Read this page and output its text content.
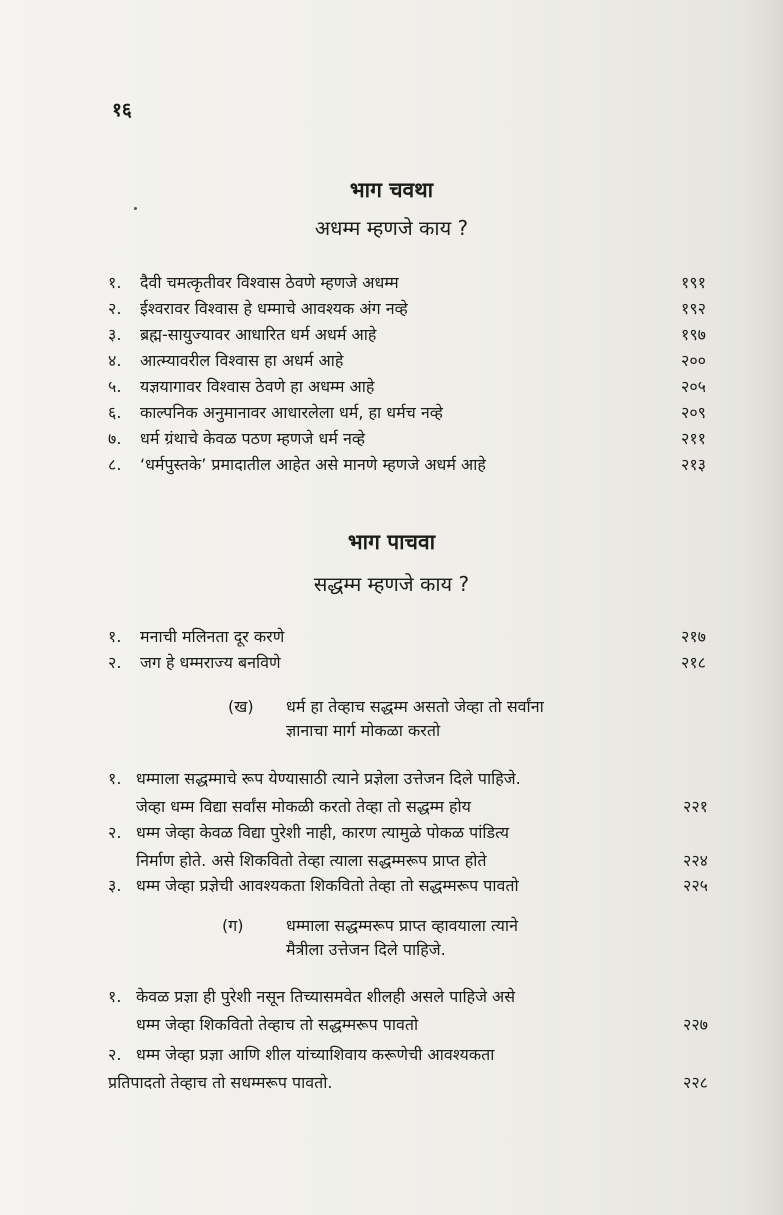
१६
भाग चवथा
अधम्म म्हणजे काय ?
१. दैवी चमत्कृतीवर विश्वास ठेवणे म्हणजे अधम्म	१९१
२. ईश्वरावर विश्वास हे धम्माचे आवश्यक अंग नव्हे	१९२
३. ब्रह्म-सायुज्यावर आधारित धर्म अधर्म आहे	१९७
४. आत्म्यावरील विश्वास हा अधर्म आहे	२००
५. यज्ञयागावर विश्वास ठेवणे हा अधम्म आहे	२०५
६. काल्पनिक अनुमानावर आधारलेला धर्म, हा धर्मच नव्हे	२०९
७. धर्म ग्रंथाचे केवळ पठण म्हणजे धर्म नव्हे	२११
८. ‘धर्मपुस्तके’ प्रमादातील आहेत असे मानणे म्हणजे अधर्म आहे	२१३
भाग पाचवा
सद्धम्म म्हणजे काय ?
१. मनाची मलिनता दूर करणे	२१७
२. जग हे धम्मराज्य बनविणे	२१८
(ख) धर्म हा तेव्हाच सद्धम्म असतो जेव्हा तो सर्वांना
ज्ञानाचा मार्ग मोकळा करतो
१. धम्माला सद्धम्माचे रूप येण्यासाठी त्याने प्रज्ञेला उत्तेजन दिले पाहिजे.
जेव्हा धम्म विद्या सर्वांस मोकळी करतो तेव्हा तो सद्धम्म होय	२२१
२. धम्म जेव्हा केवळ विद्या पुरेशी नाही, कारण त्यामुळे पोकळ पांडित्य
निर्माण होते. असे शिकवितो तेव्हा त्याला सद्धम्मरूप प्राप्त होते	२२४
३. धम्म जेव्हा प्रज्ञेची आवश्यकता शिकवितो तेव्हा तो सद्धम्मरूप पावतो	२२५
(ग)	धम्माला सद्धम्मरूप प्राप्त व्हावयाला त्याने
मैत्रीला उत्तेजन दिले पाहिजे.
१. केवळ प्रज्ञा ही पुरेशी नसून तिच्यासमवेत शीलही असले पाहिजे असे
धम्म जेव्हा शिकवितो तेव्हाच तो सद्धम्मरूप पावतो	२२७
२. धम्म जेव्हा प्रज्ञा आणि शील यांच्याशिवाय करूणेची आवश्यकता
प्रतिपादतो तेव्हाच तो सधम्मरूप पावतो.	२२८
